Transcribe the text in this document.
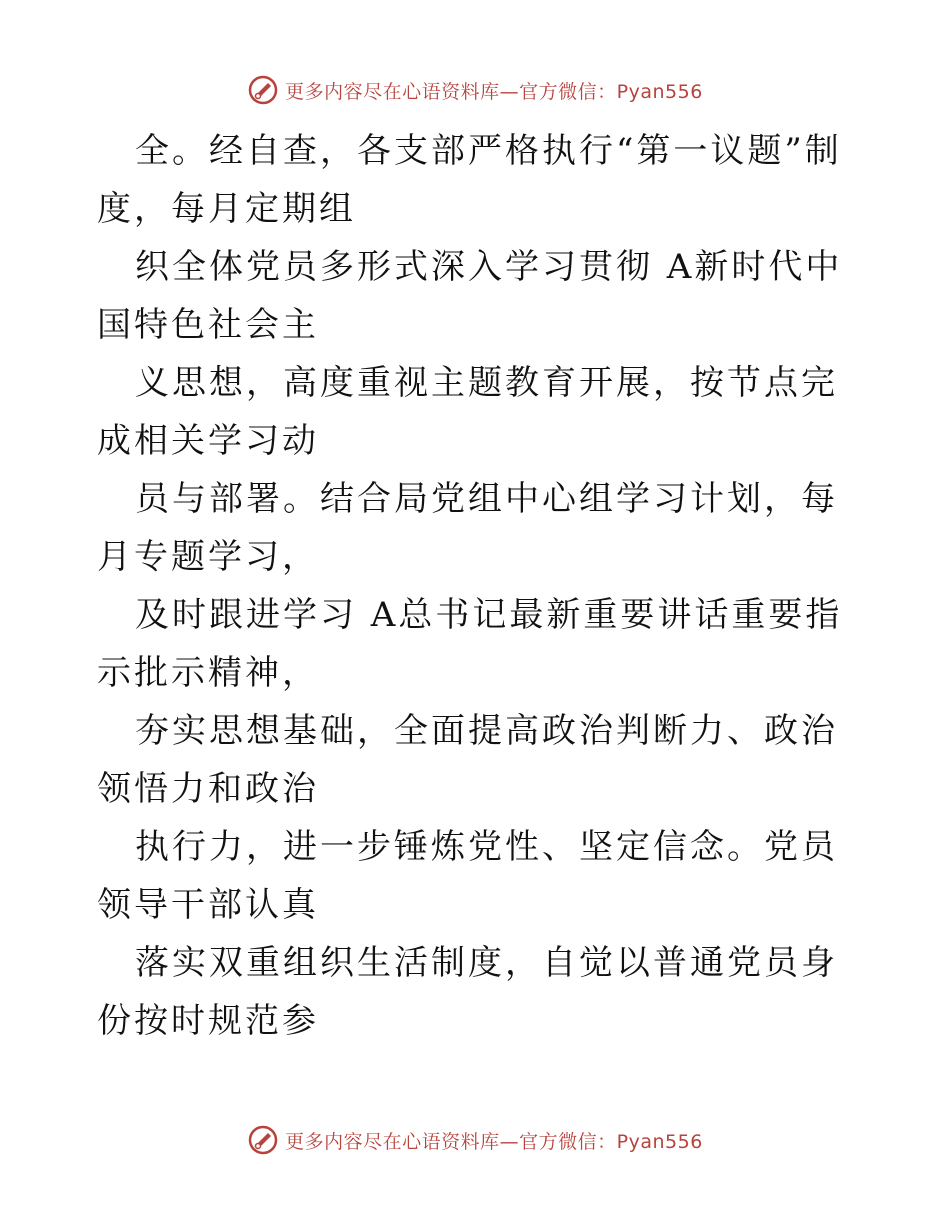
更多内容尽在心语资料库—官方微信：Pyan556

全。经自查，各支部严格执行“第一议题”制度，每月定期组

织全体党员多形式深入学习贯彻 A新时代中国特色社会主

义思想，高度重视主题教育开展，按节点完成相关学习动

员与部署。结合局党组中心组学习计划，每月专题学习，

及时跟进学习 A总书记最新重要讲话重要指示批示精神，

夯实思想基础，全面提高政治判断力、政治领悟力和政治

执行力，进一步锤炼党性、坚定信念。党员领导干部认真

落实双重组织生活制度，自觉以普通党员身份按时规范参

更多内容尽在心语资料库—官方微信：Pyan556
